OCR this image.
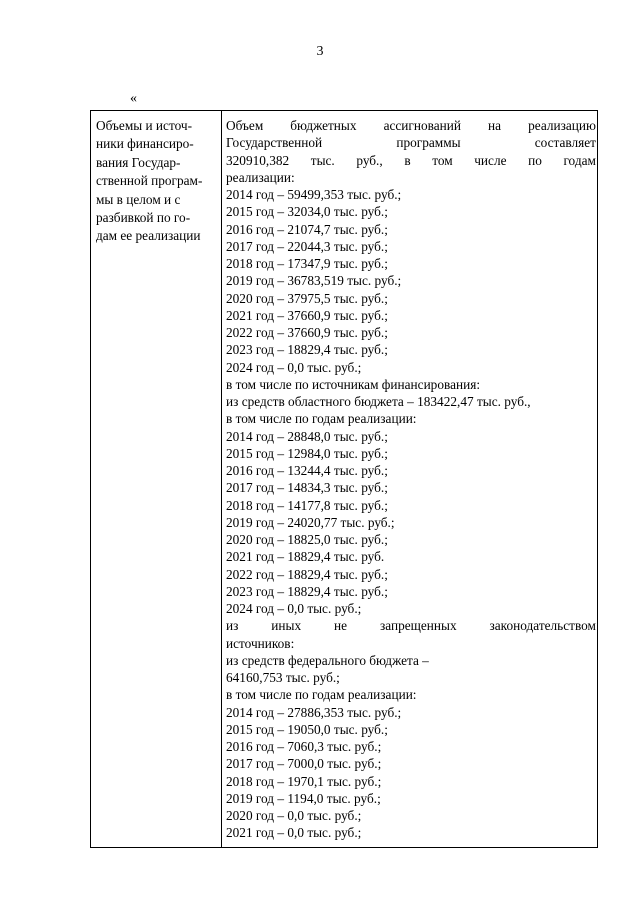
3
«
Объемы и источ-
ники финансиро-
вания Государ-
ственной програм-
мы в целом и с
разбивкой по го-
дам ее реализации
Объем бюджетных ассигнований на реализацию
Государственной	программы	составляет
320910,382 тыс. руб., в том числе по годам
реализации:
2014 год – 59499,353 тыс. руб.;
2015 год – 32034,0 тыс. руб.;
2016 год – 21074,7 тыс. руб.;
2017 год – 22044,3 тыс. руб.;
2018 год – 17347,9 тыс. руб.;
2019 год – 36783,519 тыс. руб.;
2020 год – 37975,5 тыс. руб.;
2021 год – 37660,9 тыс. руб.;
2022 год – 37660,9 тыс. руб.;
2023 год – 18829,4 тыс. руб.;
2024 год – 0,0 тыс. руб.;
в том числе по источникам финансирования:
из средств областного бюджета – 183422,47 тыс. руб.,
в том числе по годам реализации:
2014 год – 28848,0 тыс. руб.;
2015 год – 12984,0 тыс. руб.;
2016 год – 13244,4 тыс. руб.;
2017 год – 14834,3 тыс. руб.;
2018 год – 14177,8 тыс. руб.;
2019 год – 24020,77 тыс. руб.;
2020 год – 18825,0 тыс. руб.;
2021 год – 18829,4 тыс. руб.
2022 год – 18829,4 тыс. руб.;
2023 год – 18829,4 тыс. руб.;
2024 год – 0,0 тыс. руб.;
из иных не запрещенных законодательством
источников:
из средств федерального бюджета –
64160,753 тыс. руб.;
в том числе по годам реализации:
2014 год – 27886,353 тыс. руб.;
2015 год – 19050,0 тыс. руб.;
2016 год – 7060,3 тыс. руб.;
2017 год – 7000,0 тыс. руб.;
2018 год – 1970,1 тыс. руб.;
2019 год – 1194,0 тыс. руб.;
2020 год – 0,0 тыс. руб.;
2021 год – 0,0 тыс. руб.;
